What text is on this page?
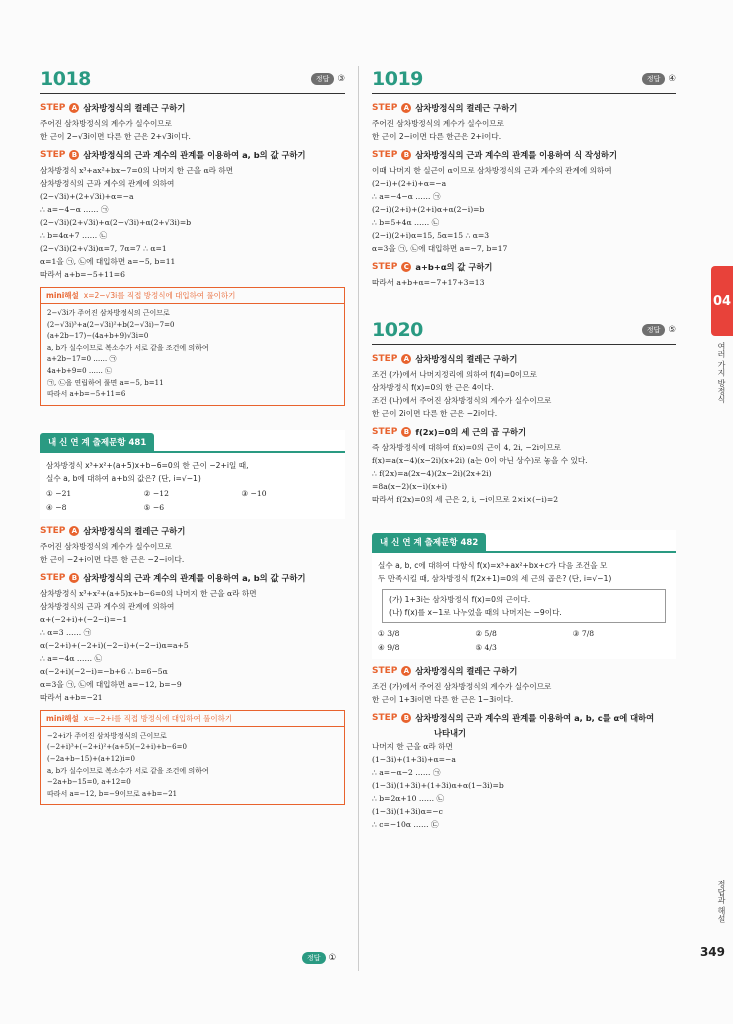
1018	정답 ③
STEP A 삼차방정식의 켤레근 구하기
주어진 삼차방정식의 계수가 실수이므로
한 근이 2−√3i이면 다른 한 근은 2+√3i이다.
STEP B 삼차방정식의 근과 계수의 관계를 이용하여 a, b의 값 구하기
삼차방정식 x³+ax²+bx−7=0의 나머지 한 근을 α라 하면
삼차방정식의 근과 계수의 관계에 의하여
(2−√3i)+(2+√3i)+α=−a
∴ a=−4−α …… ㉠
(2−√3i)(2+√3i)+α(2−√3i)+α(2+√3i)=b
∴ b=4α+7 …… ㉡
(2−√3i)(2+√3i)α=7, 7α=7 ∴ α=1
α=1을 ㉠, ㉡에 대입하면 a=−5, b=11
따라서 a+b=−5+11=6
mini해설 x=2−√3i를 직접 방정식에 대입하여 풀이하기
2−√3i가 주어진 삼차방정식의 근이므로
(2−√3i)³+a(2−√3i)²+b(2−√3i)−7=0
(a+2b−17)−(4a+b+9)√3i=0
a, b가 실수이므로 복소수가 서로 같을 조건에 의하여
a+2b−17=0 …… ㉠
4a+b+9=0 …… ㉡
㉠, ㉡을 연립하여 풀면 a=−5, b=11
따라서 a+b=−5+11=6
내 신 연 계 출제문항 481
삼차방정식 x³+x²+(a+5)x+b−6=0의 한 근이 −2+i일 때,
실수 a, b에 대하여 a+b의 값은? (단, i=√−1)
① −21	② −12	③ −10
④ −8	⑤ −6
STEP A 삼차방정식의 켤레근 구하기
주어진 삼차방정식의 계수가 실수이므로
한 근이 −2+i이면 다른 한 근은 −2−i이다.
STEP B 삼차방정식의 근과 계수의 관계를 이용하여 a, b의 값 구하기
삼차방정식 x³+x²+(a+5)x+b−6=0의 나머지 한 근을 α라 하면
삼차방정식의 근과 계수의 관계에 의하여
α+(−2+i)+(−2−i)=−1
∴ α=3 …… ㉠
α(−2+i)+(−2+i)(−2−i)+(−2−i)α=a+5
∴ a=−4α …… ㉡
α(−2+i)(−2−i)=−b+6 ∴ b=6−5α
α=3을 ㉠, ㉡에 대입하면 a=−12, b=−9
따라서 a+b=−21
mini해설 x=−2+i를 직접 방정식에 대입하여 풀이하기
−2+i가 주어진 삼차방정식의 근이므로
(−2+i)³+(−2+i)²+(a+5)(−2+i)+b−6=0
(−2a+b−15)+(a+12)i=0
a, b가 실수이므로 복소수가 서로 같을 조건에 의하여
−2a+b−15=0, a+12=0
따라서 a=−12, b=−9이므로 a+b=−21
정답 ①
1019	정답 ④
STEP A 삼차방정식의 켤레근 구하기
주어진 삼차방정식의 계수가 실수이므로
한 근이 2−i이면 다른 한근은 2+i이다.
STEP B 삼차방정식의 근과 계수의 관계를 이용하여 식 작성하기
이때 나머지 한 실근이 α이므로 삼차방정식의 근과 계수의 관계에 의하여
(2−i)+(2+i)+α=−a
∴ a=−4−α …… ㉠
(2−i)(2+i)+(2+i)α+α(2−i)=b
∴ b=5+4α …… ㉡
(2−i)(2+i)α=15, 5α=15 ∴ α=3
α=3을 ㉠, ㉡에 대입하면 a=−7, b=17
STEP C a+b+α의 값 구하기
따라서 a+b+α=−7+17+3=13
1020	정답 ⑤
STEP A 삼차방정식의 켤레근 구하기
조건 (가)에서 나머지정리에 의하여 f(4)=0이므로
삼차방정식 f(x)=0의 한 근은 4이다.
조건 (나)에서 주어진 삼차방정식의 계수가 실수이므로
한 근이 2i이면 다른 한 근은 −2i이다.
STEP B f(2x)=0의 세 근의 곱 구하기
즉 삼차방정식에 대하여 f(x)=0의 근이 4, 2i, −2i이므로
f(x)=a(x−4)(x−2i)(x+2i) (a는 0이 아닌 상수)로 놓을 수 있다.
∴ f(2x)=a(2x−4)(2x−2i)(2x+2i)
=8a(x−2)(x−i)(x+i)
따라서 f(2x)=0의 세 근은 2, i, −i이므로 2×i×(−i)=2
내 신 연 계 출제문항 482
실수 a, b, c에 대하여 다항식 f(x)=x³+ax²+bx+c가 다음 조건을 모
두 만족시킬 때, 삼차방정식 f(2x+1)=0의 세 근의 곱은? (단, i=√−1)
(가) 1+3i는 삼차방정식 f(x)=0의 근이다.
(나) f(x)를 x−1로 나누었을 때의 나머지는 −9이다.
① 3/8	② 5/8	③ 7/8
④ 9/8	⑤ 4/3
STEP A 삼차방정식의 켤레근 구하기
조건 (가)에서 주어진 삼차방정식의 계수가 실수이므로
한 근이 1+3i이면 다른 한 근은 1−3i이다.
STEP B 삼차방정식의 근과 계수의 관계를 이용하여 a, b, c를 α에 대하여
나타내기
나머지 한 근을 α라 하면
(1−3i)+(1+3i)+α=−a
∴ a=−α−2 …… ㉠
(1−3i)(1+3i)+(1+3i)α+α(1−3i)=b
∴ b=2α+10 …… ㉡
(1−3i)(1+3i)α=−c
∴ c=−10α …… ㉢
04
여러 가지 방정식
정답과 해설
349
